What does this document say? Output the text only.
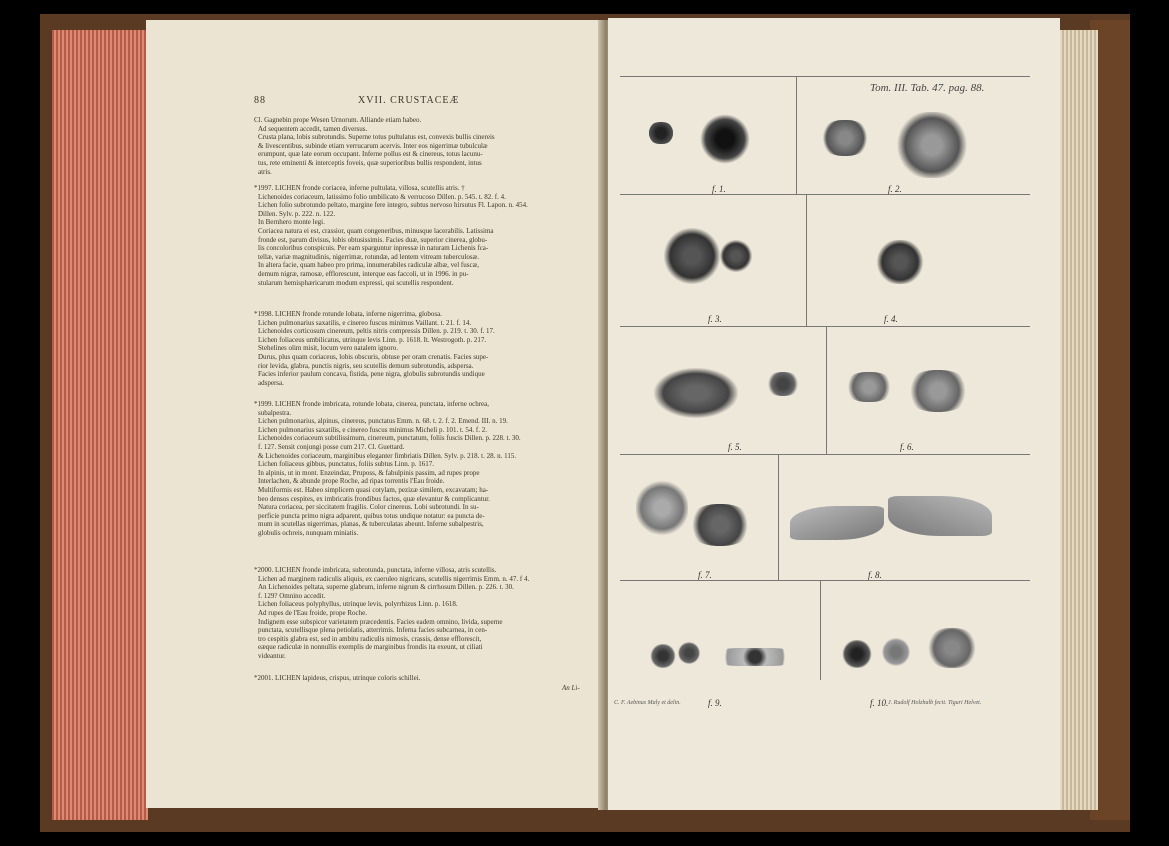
88	XVII. CRUSTACEÆ
Cl. Gagnebin prope Wesen Urnorum. Alliande etiam habeo.
Ad sequentem accedit, tamen diversus.
Crusta plana, lobis subrotundis. Superne totus pultulatus est, convexis bullis cinereis
& livescentibus, subinde etiam verrucarum acervis. Inter eos nigerrimæ tubulculæ
erumpunt, quæ late eorum occupant. Inferne pollus est & cinereus, totus lacunu-
tus, rete eminenti & interceptis foveis, quæ superioribus bullis respondent, intus
atris.
*1997. LICHEN fronde coriacea, inferne pultulata, villosa, scutellis atris. †
Lichenoides coriaceum, latissimo folio umbilicato & verrucoso Dillen. p. 545. t. 82. f. 4.
Lichen folio subrotundo peltato, margine fere integro, subtus nervoso hirsutus Fl. Lapon. n. 454.
Dillen. Sylv. p. 222. n. 122.
In Bernhero monte legi.
Coriacea natura ei est, crassior, quam congeneribus, minusque lacerabilis. Latissima
fronde est, parum divisus, lobis obtusissimis. Facies duæ, superior cinerea, globu-
lis concoloribus conspicuis. Per eam sparguntur inpressæ in naturam Lichenis fca-
tellæ, variæ magnitudinis, nigerrimæ, rotundæ, ad lentem vitream tuberculosæ.
In altera facie, quam habeo pro prima, innumerabiles radiculæ albæ, vel fuscæ,
demum nigræ, ramosæ, efflorescunt, interque eas faccoli, ut in 1996. in pu-
stularum hemisphæricarum modum expressi, qui scutellis respondent.
*1998. LICHEN fronde rotunde lobata, inferne nigerrima, globosa.
Lichen pulmonarius saxatilis, e cinereo fuscus minimus Vaillant. t. 21. f. 14.
Lichenoides corticosum cinereum, peltis nitris compressis Dillen. p. 219. t. 30. f. 17.
Lichen foliaceus umbilicatus, utrinque levis Linn. p. 1618. It. Westrogoth. p. 217.
Stehelines olim misit, locum vero natalem ignoro.
Durus, plus quam coriaceus, lobis obscuris, obtuse per oram crenatis. Facies supe-
rior levida, glabra, punctis nigris, seu scutellis demum subrotundis, adspersa.
Facies inferior paulum concava, fistida, pene nigra, globulis subrotundis undique
adspersa.
*1999. LICHEN fronde imbricata, rotunde lobata, cinerea, punctata, inferne ochrea,
subalpestra.
Lichen pulmonarius, alpinus, cinereus, punctatus Emm. n. 68. t. 2. f. 2. Emend. III. n. 19.
Lichen pulmonarius saxatilis, e cinereo fuscus minimus Micheli p. 101. t. 54. f. 2.
Lichenoides coriaceum subtilissimum, cinereum, punctatum, foliis fuscis Dillen. p. 228. t. 30.
f. 127. Sensit conjungi posse cum 217. Cl. Guettard.
& Lichenoides coriaceum, marginibus eleganter fimbriatis Dillen. Sylv. p. 218. t. 28. n. 115.
Lichen foliaceus gibbus, punctatus, foliis subtus Linn. p. 1617.
In alpinis, ut in mont. Enzeindaz, Pruposs, & fabulpinis passim, ad rupes prope
Interlachen, & abunde prope Roche, ad ripas torrentis l'Eau froide.
Multiformis est. Habeo simplicem quasi cotylam, pezizæ similem, excavatam; ha-
beo densos cespites, ex imbricatis frondibus factos, quæ elevantur & complicantur.
Natura coriacea, per siccitatem fragilis. Color cinereus. Lobi subrotundi. In su-
perficie puncta primo nigra adparent, quibus totus undique notatur: ea puncta de-
mum in scutellas nigerrimas, planas, & tuberculatas abeunt. Inferne subalpestris,
globulis ochreis, nunquam miniatis.
*2000. LICHEN fronde imbricata, subrotunda, punctata, inferne villosa, atris scutellis.
Lichen ad marginem radiculis aliquis, ex caeruleo nigricans, scutellis nigerrimis Emm. n. 47. f 4.
An Lichenoides peltata, superne glabrum, inferne nigrum & cirrhosum Dillen. p. 226. t. 30.
f. 129? Omnino accedit.
Lichen foliaceus polyphyllus, utrinque levis, polyrrhizus Linn. p. 1618.
Ad rupes de l'Eau froide, prope Roche.
Indignem esse subspicor varietatem præcedentis. Facies eadem omnino, livida, superne
punctata, scutellisque plena petiolatis, atterrimis. Inferna facies subcarnea, in cen-
tro cespitis glabra est, sed in ambitu radiculis nimosis, crassis, dense efflorescit,
eæque radiculæ in nonnullis exemplis de marginibus frondis ita exeunt, ut ciliati
videantur.
*2001. LICHEN lapideus, crispus, utrinque coloris schillei.
An Li-
Tom. III. Tab. 47. pag. 88.
f. 1.	f. 2.
f. 3.	f. 4.
f. 5.	f. 6.
f. 7.	f. 8.
f. 9.	f. 10.
C. F. Aebinus Maly et delin.	J. Rudolf Holzhalb fecit. Tiguri Helvet.
